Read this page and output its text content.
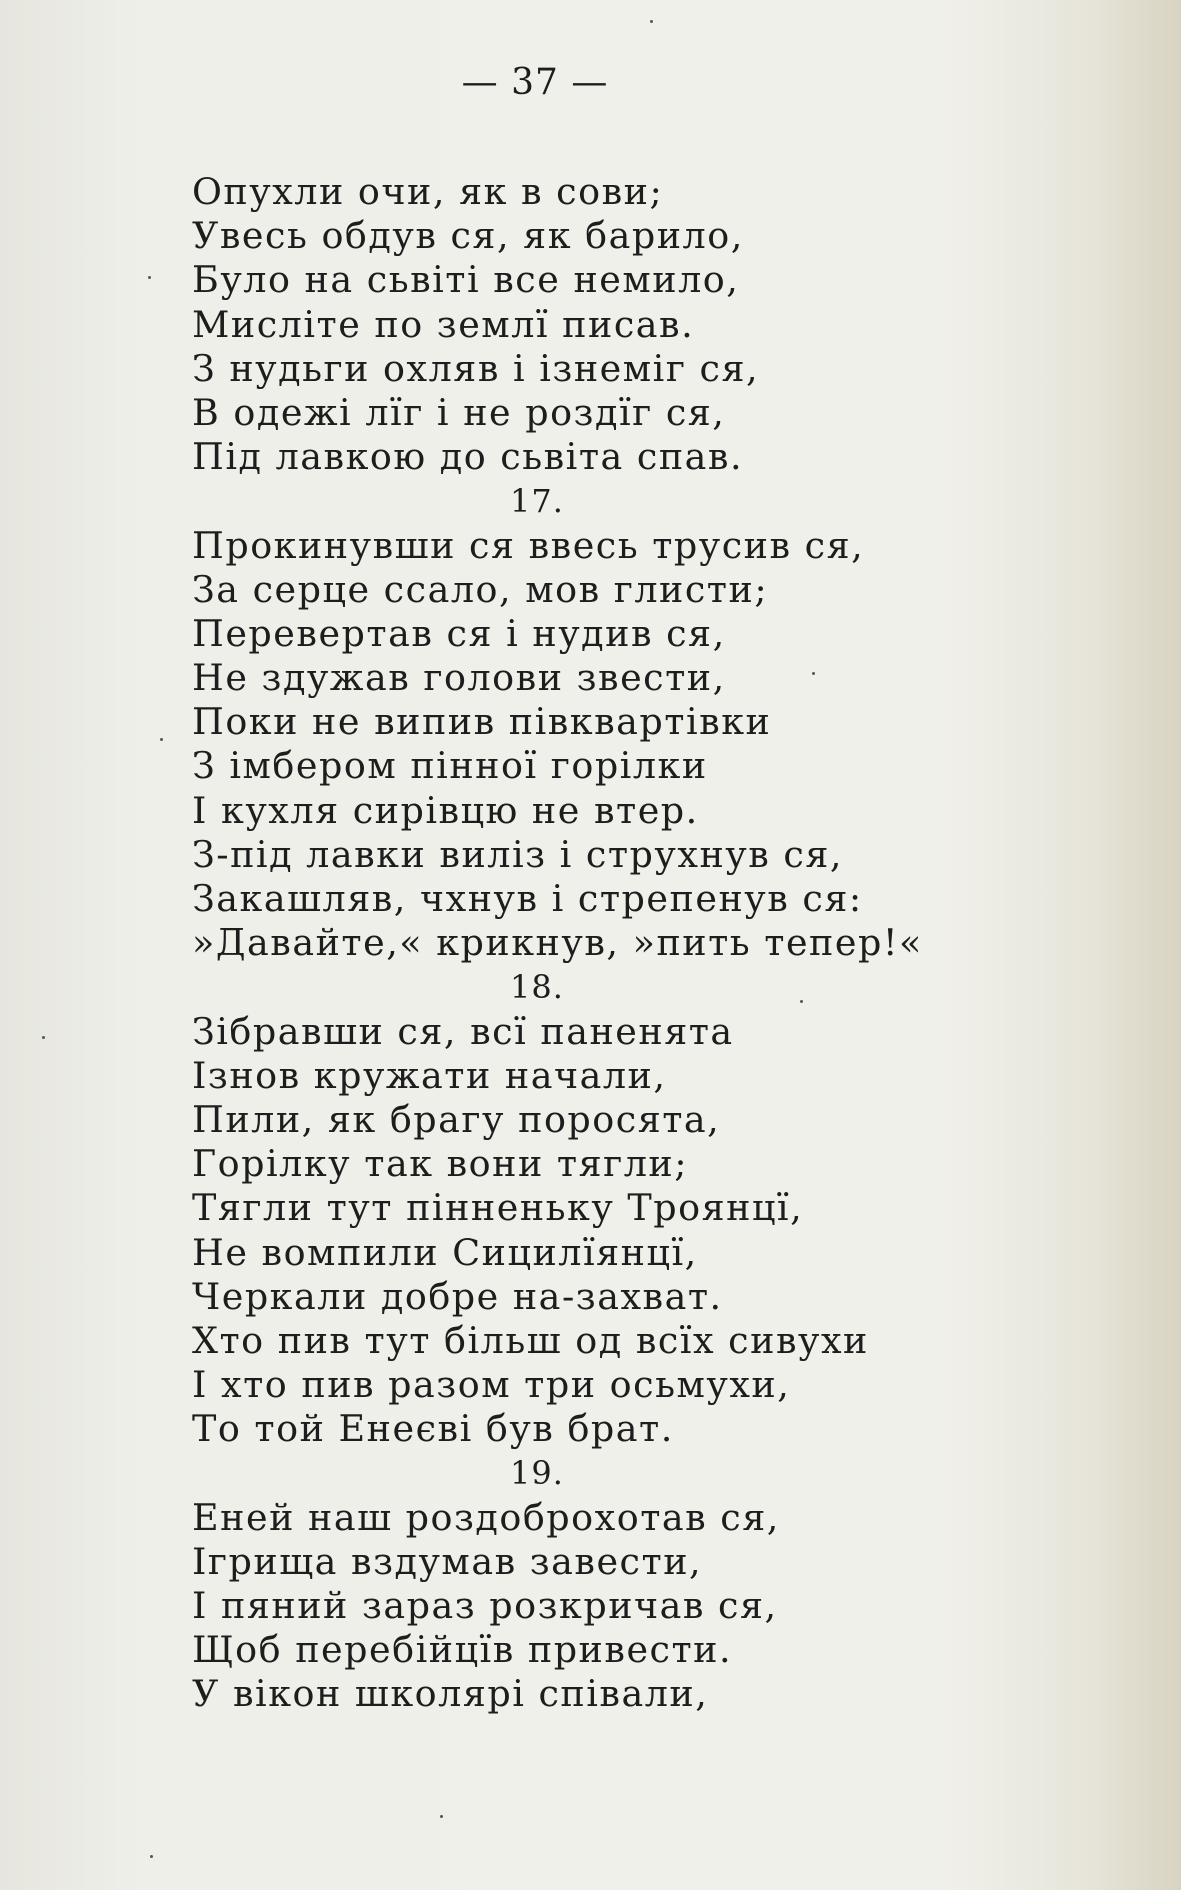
— 37 —
Опухли очи, як в сови;
Увесь обдув ся, як барило,
Було на сьвіті все немило,
Мисліте по землї писав.
З нудьги охляв і ізнеміг ся,
В одежі лїг і не роздїг ся,
Під лавкою до сьвіта спав.
17.
Прокинувши ся ввесь трусив ся,
За серце ссало, мов глисти;
Перевертав ся і нудив ся,
Не здужав голови звести,
Поки не випив півквартівки
З імбером пінної горілки
І кухля сирівцю не втер.
З-під лавки виліз і струхнув ся,
Закашляв, чхнув і стрепенув ся:
»Давайте,« крикнув, »пить тепер!«
18.
Зібравши ся, всї паненята
Ізнов кружати начали,
Пили, як брагу поросята,
Горілку так вони тягли;
Тягли тут пінненьку Троянцї,
Не вомпили Сицилїянцї,
Черкали добре на-захват.
Хто пив тут більш од всїх сивухи
І хто пив разом три осьмухи,
То той Енеєві був брат.
19.
Еней наш роздоброхотав ся,
Ігрища вздумав завести,
І пяний зараз розкричав ся,
Щоб перебійцїв привести.
У вікон школярі співали,
